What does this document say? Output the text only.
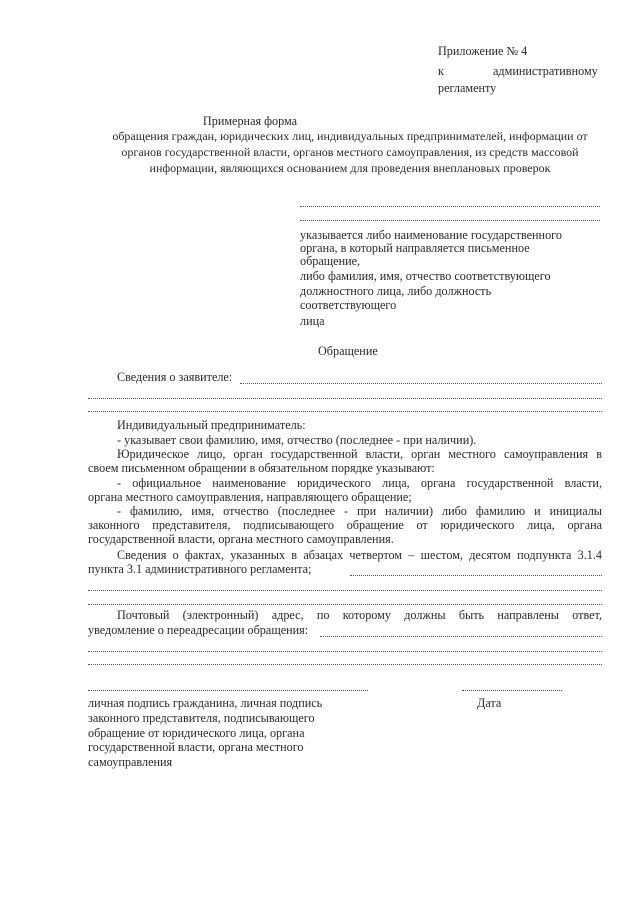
Приложение № 4
к	административному
регламенту
Примерная форма
обращения граждан, юридических лиц, индивидуальных предпринимателей, информации от
органов государственной власти, органов местного самоуправления, из средств массовой
информации, являющихся основанием для проведения внеплановых проверок
указывается либо наименование государственного
органа, в который направляется письменное
обращение,
либо фамилия, имя, отчество соответствующего
должностного лица, либо должность
соответствующего
лица
Обращение
Сведения о заявителе:
Индивидуальный предприниматель:
- указывает свои фамилию, имя, отчество (последнее - при наличии).
Юридическое лицо, орган государственной власти, орган местного самоуправления в
своем письменном обращении в обязательном порядке указывают:
- официальное наименование юридического лица, органа государственной власти,
органа местного самоуправления, направляющего обращение;
- фамилию, имя, отчество (последнее - при наличии) либо фамилию и инициалы
законного представителя, подписывающего обращение от юридического лица, органа
государственной власти, органа местного самоуправления.
Сведения о фактах, указанных в абзацах четвертом – шестом, десятом подпункта 3.1.4
пункта 3.1 административного регламента;
Почтовый (электронный) адрес, по которому должны быть направлены ответ,
уведомление о переадресации обращения:
Дата
личная подпись гражданина, личная подпись
законного представителя, подписывающего
обращение от юридического лица, органа
государственной власти, органа местного
самоуправления
